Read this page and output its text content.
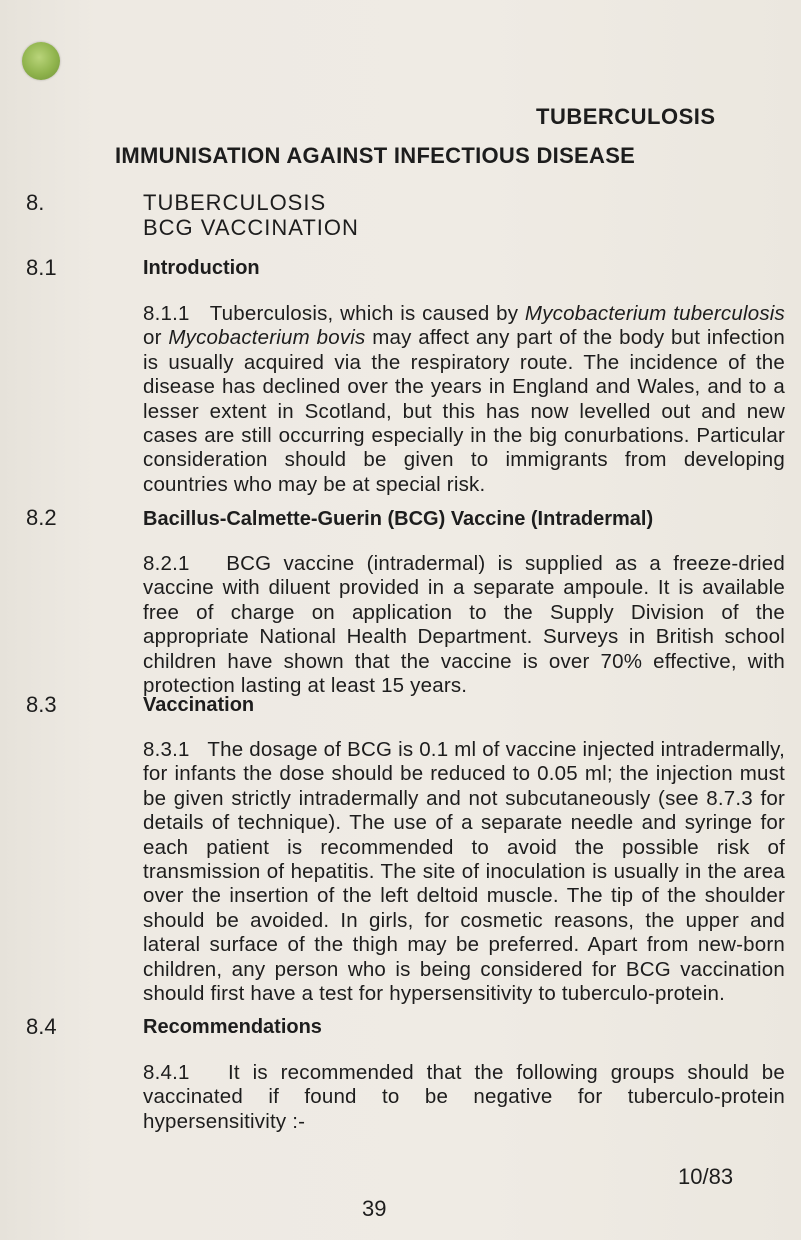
TUBERCULOSIS
IMMUNISATION AGAINST INFECTIOUS DISEASE
8.	TUBERCULOSIS
BCG VACCINATION
8.1	Introduction
8.1.1 Tuberculosis, which is caused by Mycobacterium tuberculosis or Mycobacterium bovis may affect any part of the body but infection is usually acquired via the respiratory route. The incidence of the disease has declined over the years in England and Wales, and to a lesser extent in Scotland, but this has now levelled out and new cases are still occurring especially in the big conurbations. Particular consideration should be given to immigrants from developing countries who may be at special risk.
8.2	Bacillus-Calmette-Guerin (BCG) Vaccine (Intradermal)
8.2.1 BCG vaccine (intradermal) is supplied as a freeze-dried vaccine with diluent provided in a separate ampoule. It is available free of charge on application to the Supply Division of the appropriate National Health Department. Surveys in British school children have shown that the vaccine is over 70% effective, with protection lasting at least 15 years.
8.3	Vaccination
8.3.1 The dosage of BCG is 0.1 ml of vaccine injected intradermally, for infants the dose should be reduced to 0.05 ml; the injection must be given strictly intradermally and not subcutaneously (see 8.7.3 for details of technique). The use of a separate needle and syringe for each patient is recommended to avoid the possible risk of transmission of hepatitis. The site of inoculation is usually in the area over the insertion of the left deltoid muscle. The tip of the shoulder should be avoided. In girls, for cosmetic reasons, the upper and lateral surface of the thigh may be preferred. Apart from new-born children, any person who is being considered for BCG vaccination should first have a test for hypersensitivity to tuberculo-protein.
8.4	Recommendations
8.4.1 It is recommended that the following groups should be vaccinated if found to be negative for tuberculo-protein hypersensitivity :-
10/83
39
